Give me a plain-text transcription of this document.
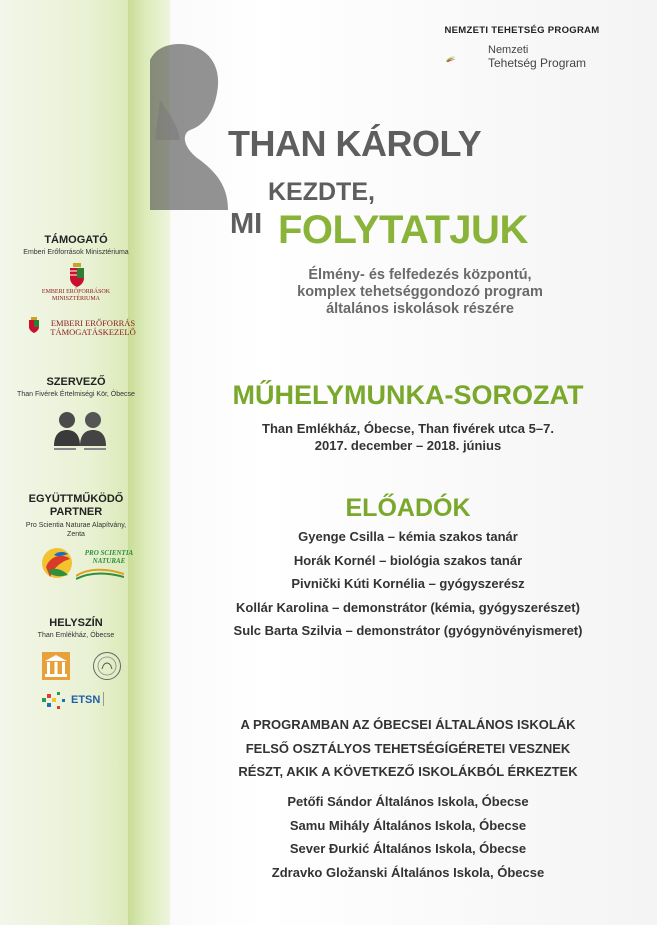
TÁMOGATÓ
Emberi Erőforrások Minisztériuma
EMBERI ERŐFORRÁSOK
MINISZTÉRIUMA
EMBERI ERŐFORRÁS
TÁMOGATÁSKEZELŐ
SZERVEZŐ
Than Fivérek Értelmiségi Kör, Óbecse
EGYÜTTMŰKÖDŐ
PARTNER
Pro Scientia Naturae Alapítvány,
Zenta
PRO SCIENTIA
NATURAE
HELYSZÍN
Than Emlékház, Óbecse
ETSN
NEMZETI TEHETSÉG PROGRAM
Nemzeti
Tehetség Program
THAN KÁROLY
KEZDTE,
MI FOLYTATJUK
Élmény- és felfedezés központú,
komplex tehetséggondozó program
általános iskolások részére
MŰHELYMUNKA-SOROZAT
Than Emlékház, Óbecse, Than fivérek utca 5–7.
2017. december – 2018. június
ELŐADÓK
Gyenge Csilla – kémia szakos tanár
Horák Kornél – biológia szakos tanár
Pivnički Kúti Kornélia – gyógyszerész
Kollár Karolina – demonstrátor (kémia, gyógyszerészet)
Sulc Barta Szilvia – demonstrátor (gyógynövényismeret)
A PROGRAMBAN AZ ÓBECSEI ÁLTALÁNOS ISKOLÁK
FELSŐ OSZTÁLYOS TEHETSÉGÍGÉRETEI VESZNEK
RÉSZT, AKIK A KÖVETKEZŐ ISKOLÁKBÓL ÉRKEZTEK
Petőfi Sándor Általános Iskola, Óbecse
Samu Mihály Általános Iskola, Óbecse
Sever Đurkić Általános Iskola, Óbecse
Zdravko Gložanski Általános Iskola, Óbecse
